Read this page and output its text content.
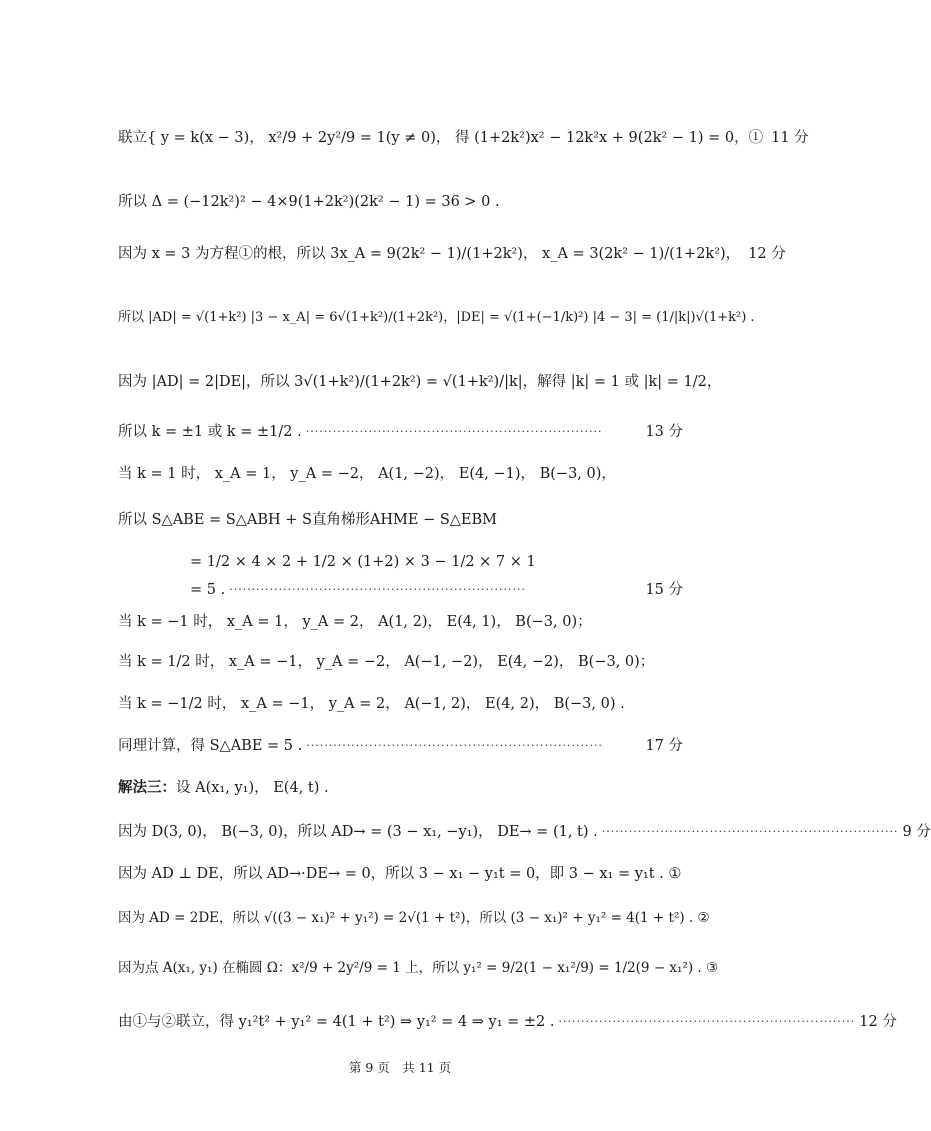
联立{ y = k(x − 3)， x²/9 + 2y²/9 = 1(y ≠ 0)， 得 (1+2k²)x² − 12k²x + 9(2k² − 1) = 0，① 11 分
所以 Δ = (−12k²)² − 4×9(1+2k²)(2k² − 1) = 36 > 0 .
因为 x = 3 为方程①的根，所以 3x_A = 9(2k² − 1)/(1+2k²)， x_A = 3(2k² − 1)/(1+2k²)， 12 分
所以 |AD| = √(1+k²) |3 − x_A| = 6√(1+k²)/(1+2k²)，|DE| = √(1+(−1/k)²) |4 − 3| = (1/|k|)√(1+k²) .
因为 |AD| = 2|DE|，所以 3√(1+k²)/(1+2k²) = √(1+k²)/|k|，解得 |k| = 1 或 |k| = 1/2，
所以 k = ±1 或 k = ±1/2 . ··································································	13 分
当 k = 1 时， x_A = 1， y_A = −2， A(1, −2)， E(4, −1)， B(−3, 0)，
所以 S△ABE = S△ABH + S直角梯形AHME − S△EBM
= 1/2 × 4 × 2 + 1/2 × (1+2) × 3 − 1/2 × 7 × 1
= 5 . ··································································	15 分
当 k = −1 时， x_A = 1， y_A = 2， A(1, 2)， E(4, 1)， B(−3, 0)；
当 k = 1/2 时， x_A = −1， y_A = −2， A(−1, −2)， E(4, −2)， B(−3, 0)；
当 k = −1/2 时， x_A = −1， y_A = 2， A(−1, 2)， E(4, 2)， B(−3, 0) .
同理计算，得 S△ABE = 5 . ··································································	17 分
解法三： 设 A(x₁, y₁)， E(4, t) .
因为 D(3, 0)， B(−3, 0)，所以 AD→ = (3 − x₁, −y₁)， DE→ = (1, t) . ·································································· 9 分
因为 AD ⊥ DE，所以 AD→·DE→ = 0，所以 3 − x₁ − y₁t = 0，即 3 − x₁ = y₁t . ①
因为 AD = 2DE，所以 √((3 − x₁)² + y₁²) = 2√(1 + t²)，所以 (3 − x₁)² + y₁² = 4(1 + t²) . ②
因为点 A(x₁, y₁) 在椭圆 Ω：x²/9 + 2y²/9 = 1 上，所以 y₁² = 9/2(1 − x₁²/9) = 1/2(9 − x₁²) . ③
由①与②联立，得 y₁²t² + y₁² = 4(1 + t²) ⇒ y₁² = 4 ⇒ y₁ = ±2 . ·································································· 12 分
第 9 页　共 11 页
